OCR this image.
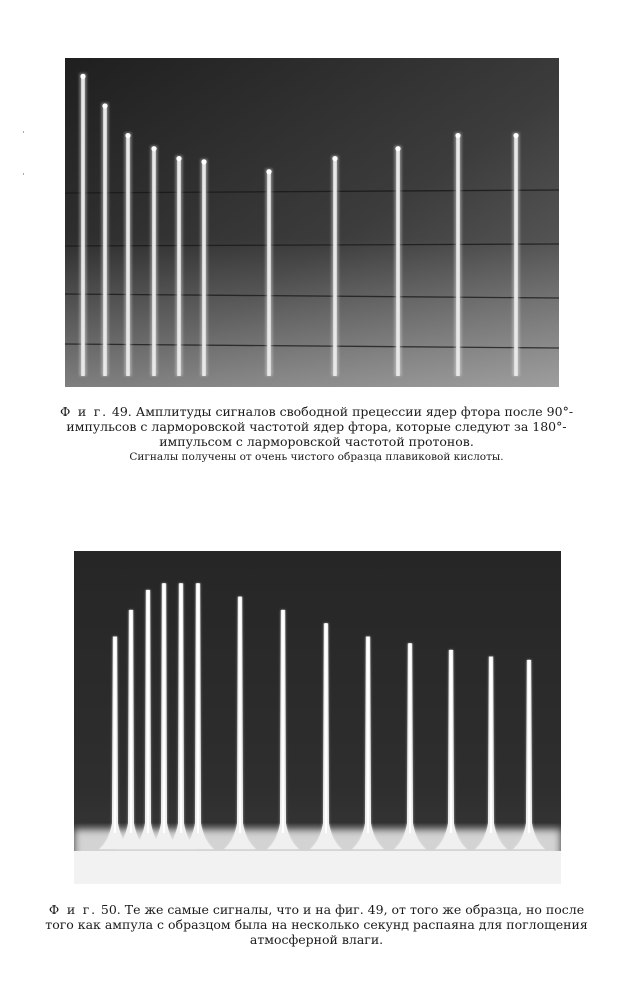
·
·
Ф и г. 49. Амплитуды сигналов свободной прецессии ядер фтора после 90°-импульсов с ларморовской частотой ядер фтора, которые следуют за 180°-импульсом с ларморовской частотой протонов.
Сигналы получены от очень чистого образца плавиковой кислоты.
Ф и г. 50. Те же самые сигналы, что и на фиг. 49, от того же образца, но после того как ампула с образцом была на несколько секунд распаяна для поглощения атмосферной влаги.
